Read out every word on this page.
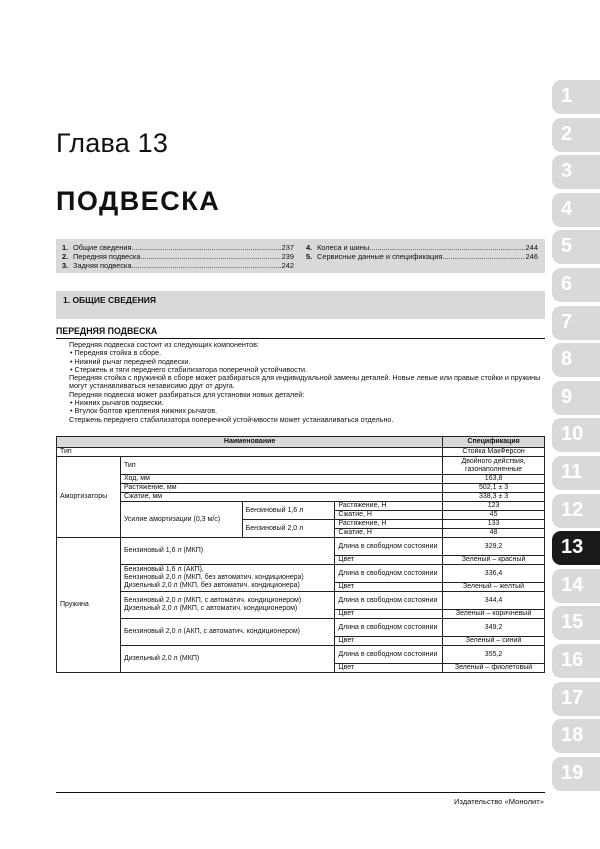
Глава 13
ПОДВЕСКА
1. Общие сведения
.....	237
2. Передняя подвеска
.....	239
3. Задняя подвеска
.....	242
4. Колеса и шины
.....	244
5. Сервисные данные и спецификация
.....	246
1. ОБЩИЕ СВЕДЕНИЯ
ПЕРЕДНЯЯ ПОДВЕСКА

Передняя подвеска состоит из следующих компонентов:

• Передняя стойка в сборе.

• Нижний рычаг передней подвески.

• Стержень и тяги переднего стабилизатора поперечной устойчивости.

Передняя стойка с пружиной в сборе может разбираться для индивидуальной замены деталей. Новые левые или правые стойки и пружины могут устанавливаться независимо друг от друга.

Передняя подвеска может разбираться для установки новых деталей:

• Нижних рычагов подвески.

• Втулок болтов крепления нижних рычагов.

Стержень переднего стабилизатора поперечной устойчивости может устанавливаться отдельно.

Наименование	Спецификация
Тип	Стойка МакФерсон
Амортизаторы	Тип	Двойного действия, газонаполненные
Ход, мм	163,8
Растяжение, мм	502,1 ± 3
Сжатие, мм	338,3 ± 3
Усилие амортизации (0,3 м/с)	Бензиновый 1,6 л	Растяжение, Н	123
Сжатие, Н	45
Бензиновый 2,0 л	Растяжение, Н	133
Сжатие, Н	48
Пружина	Бензиновый 1,6 л (МКП)	Длина в свободном состоянии	329,2
Цвет	Зеленый – красный

Бензиновый 1,6 л (АКП),
Бензиновый 2,0 л (МКП, без автоматич. кондиционера)
Дизельный 2,0 л (МКП, без автоматич. кондиционера)
	Длина в свободном состоянии	336,4
Цвет	Зеленый – желтый

Бензиновый 2,0 л (МКП, с автоматич. кондиционером)
Дизельный 2,0 л (МКП, с автоматич. кондиционером)
	Длина в свободном состоянии	344,4
Цвет	Зеленый – коричневый
Бензиновый 2,0 л (АКП, с автоматич. кондиционером)	Длина в свободном состоянии	349,2
Цвет	Зеленый – синий
Дизельный 2,0 л (МКП)	Длина в свободном состоянии	355,2
Цвет	Зеленый – фиолетовый
1
2
3
4
5
6
7
8
9
10
11
12
13
14
15
16
17
18
19
Издательство «Монолит»
